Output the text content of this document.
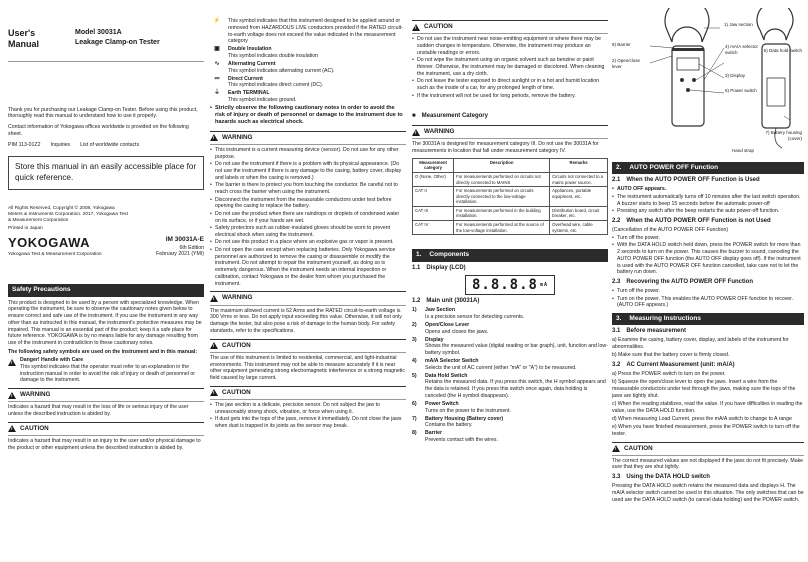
User's Manual
Model 30031A
Leakage Clamp-on Tester

Thank you for purchasing our Leakage Clamp-on Tester. Before using this product, thoroughly read this manual to understand how to use it properly.

Contact information of Yokogawa offices worldwide is provided on the following sheet.

PIM 113-01Z2 Inquiries List of worldwide contacts
Store this manual in an easily accessible place for quick reference.

All Rights Reserved, Copyright © 2008, Yokogawa Meters & Instruments Corporation. 2017, Yokogawa Test & Measurement Corporation

Printed in Japan

YOKOGAWA
Yokogawa Test & Measurement Corporation
IM 30031A-E
6th Edition
February 2021 (YMI)
Safety Precautions

This product is designed to be used by a person with specialized knowledge. When operating the instrument, be sure to observe the cautionary notes given below to ensure correct and safe use of the instrument. If you use the instrument in any way other than as instructed in this manual, the instrument's protective measures may be impaired. This manual is an essential part of the product; keep it a safe place for future reference. YOKOGAWA is by no means liable for any damage resulting from use of the instrument in contradiction to these cautionary notes.

The following safety symbols are used on the instrument and in this manual:

!
Danger! Handle with Care
This symbol indicates that the operator must refer to an explanation in the instruction manual in order to avoid the risk of injury or death of personnel or damage to the instrument.
!
WARNING

Indicates a hazard that may result in the loss of life or serious injury of the user unless the described instruction is abided by.

!
CAUTION

Indicates a hazard that may result in an injury to the user and/or physical damage to the product or other equipment unless the described instruction is abided by.

⚡	This symbol indicates that this instrument designed to be applied around or removed from HAZARDOUS LIVE conductors provided if the RATED circuit-to-earth voltage does not exceed the value indicated in the measurement category
▣	Double Insulation
This symbol indicates double insulation
∿	Alternating Current
This symbol indicates alternating current (AC).
⎓	Direct Current
This symbol indicates direct current (DC).
⏚	Earth TERMINAL
This symbol indicates ground.
• Strictly observe the following cautionary notes in order to avoid the risk of injury or death of personnel or damage to the instrument due to hazards such as electrical shock.
!
WARNING
• This instrument is a current measuring device (sensor). Do not use for any other purpose.
• Do not use the instrument if there is a problem with its physical appearance. (Do not use the instrument if there is any damage to the casing, battery cover, display and labels or when the casing is removed.)
• The barrier is there to protect you from touching the conductor. Be careful not to reach cross the barrier when using the instrument.
• Disconnect the instrument from the measurable conductors under test before opening the casing to replace the battery.
• Do not use the product when there are raindrops or droplets of condensed water on its surface, or if your hands are wet.
• Safety protectors such as rubber-insulated gloves should be worn to prevent electrical shock when using the instrument.
• Do not use this product in a place where an explosive gas or vapor is present.
• Do not open the case except when replacing batteries. Only Yokogawa service personnel are authorized to remove the casing or disassemble or modify the instrument. Do not attempt to repair the instrument yourself, as doing so is extremely dangerous. When the instrument needs an internal inspection or calibration, contact Yokogawa or the dealer from whom you purchased the instrument.
!
WARNING

The maximum allowed current is 62 Arms and the RATED circuit-to-earth voltage is 300 Vrms or less. Do not apply input exceeding this value. Otherwise, it will not only damage the tester, but also pose a risk of damage to the human body. For safety standards, refer to the specifications.

!
CAUTION

The use of this instrument is limited to residential, commercial, and light-industrial environments. This instrument may not be able to measure accurately if it is near other equipment generating strong electromagnetic interference or a strong magnetic field caused by large current.

!
CAUTION
• The jaw section is a delicate, precision sensor. Do not subject the jaw to unreasonably strong shock, vibration, or force when using it.
• If dust gets into the tops of the jaws, remove it immediately. Do not close the jaws when dust is trapped in its joints as the sensor may break.
!
CAUTION
• Do not use the instrument near noise-emitting equipment or where there may be sudden changes in temperature. Otherwise, the instrument may produce an unstable readings or errors.
• Do not wipe the instrument using an organic solvent such as benzine or paint thinner. Otherwise, the instrument may be damaged or discolored. When cleaning the instrument, use a dry cloth.
• Do not leave the tester exposed to direct sunlight or in a hot and humid location such as the inside of a car, for any prolonged length of time.
• If the instrument will not be used for long periods, remove the battery.
■ Measurement Category
!
WARNING

The 30031A is designed for measurement category III. Do not use the 30031A for measurements in location that fall under measurement category IV.

Measurement category	Description	Remarks
O (None, Other)	For measurements performed on circuits not directly connected to MAINS	Circuits not connected to a mains power source.
CAT II	For measurements performed on circuits directly connected to the low-voltage installation.	Appliances, portable equipment, etc.
CAT III	For measurements performed in the building installation.	Distribution board, circuit breaker, etc.
CAT IV	For measurements performed at the source of the low-voltage installation.	Overhead wire, cable systems, etc.
1. Components
1.1 Display (LCD)
8.8.8.8 mA
1.2 Main unit (30031A)
1)	Jaw Section
Is a precision sensor for detecting currents.
2)	Open/Close Lever
Opens and closes the jaws.
3)	Display
Shows the measured value (digital reading or bar graph), unit, function and low-battery symbol.
4)	mA/A Selector Switch
Selects the unit of AC current (either "mA" or "A") to be measured.
5)	Data Hold Switch
Retains the measured data. If you press this switch, the H symbol appears and the data is retained. If you press this switch once again, data holding is canceled (the H symbol disappears).
6)	Power Switch
Turns on the power to the instrument.
7)	Battery Housing (Battery cover)
Contains the battery.
8)	Barrier
Prevents contact with the wires.
1) Jaw section
8) Barrier
2) Open/close lever
4) mA/A selector switch
3) Display
6) Power switch
5) Data hold switch
7) Battery housing (cover)
Hand strap
2. AUTO POWER OFF Function
2.1 When the AUTO POWER OFF Function is Used
• AUTO OFF appears.
• The instrument automatically turns off 10 minutes after the last switch operation. A buzzer starts to beep 15 seconds before the automatic power-off
• Pressing any switch after the beep restarts the auto power-off function.
2.2 When the AUTO POWER OFF Function is not Used

(Cancellation of the AUTO POWER OFF Function)

• Turn off the power.
• With the DATA HOLD switch held down, press the POWER switch for more than 2 seconds to turn on the power. This causes the buzzer to sound, canceling the AUTO POWER OFF function (the AUTO OFF display goes off). If the instrument is used with the AUTO POWER OFF function cancelled, take care not to let the battery run down.
2.3 Recovering the AUTO POWER OFF Function
• Turn off the power.
• Turn on the power. This enables the AUTO POWER OFF function to recover. (AUTO OFF appears.)
3. Measuring Instructions
3.1 Before measurement

a) Examine the casing, battery cover, display, and labels of the instrument for abnormalities.

b) Make sure that the battery cover is firmly closed.

3.2 AC Current Measurement (unit: mA/A)

a) Press the POWER switch to turn on the power.

b) Squeeze the open/close lever to open the jaws. Insert a wire from the measurable conductors under test through the jaws, making sure the tops of the jaws are tightly shut.

c) When the reading stabilizes, read the value. If you have difficulties in reading the value, use the DATA HOLD function.

d) When measuring Load Current, press the mA/A switch to change to A range

e) When you have finished measurement, press the POWER switch to turn off the tester.

!
CAUTION

The correct measured values are not displayed if the jaws do not fit precisely. Make sure that they are shut tightly.

3.3 Using the DATA HOLD switch

Pressing the DATA HOLD switch retains the measured data and displays H. The mA/A selector switch cannot be used in this situation. The only switches that can be used are the DATA HOLD switch (to cancel data holding) and the POWER switch.
